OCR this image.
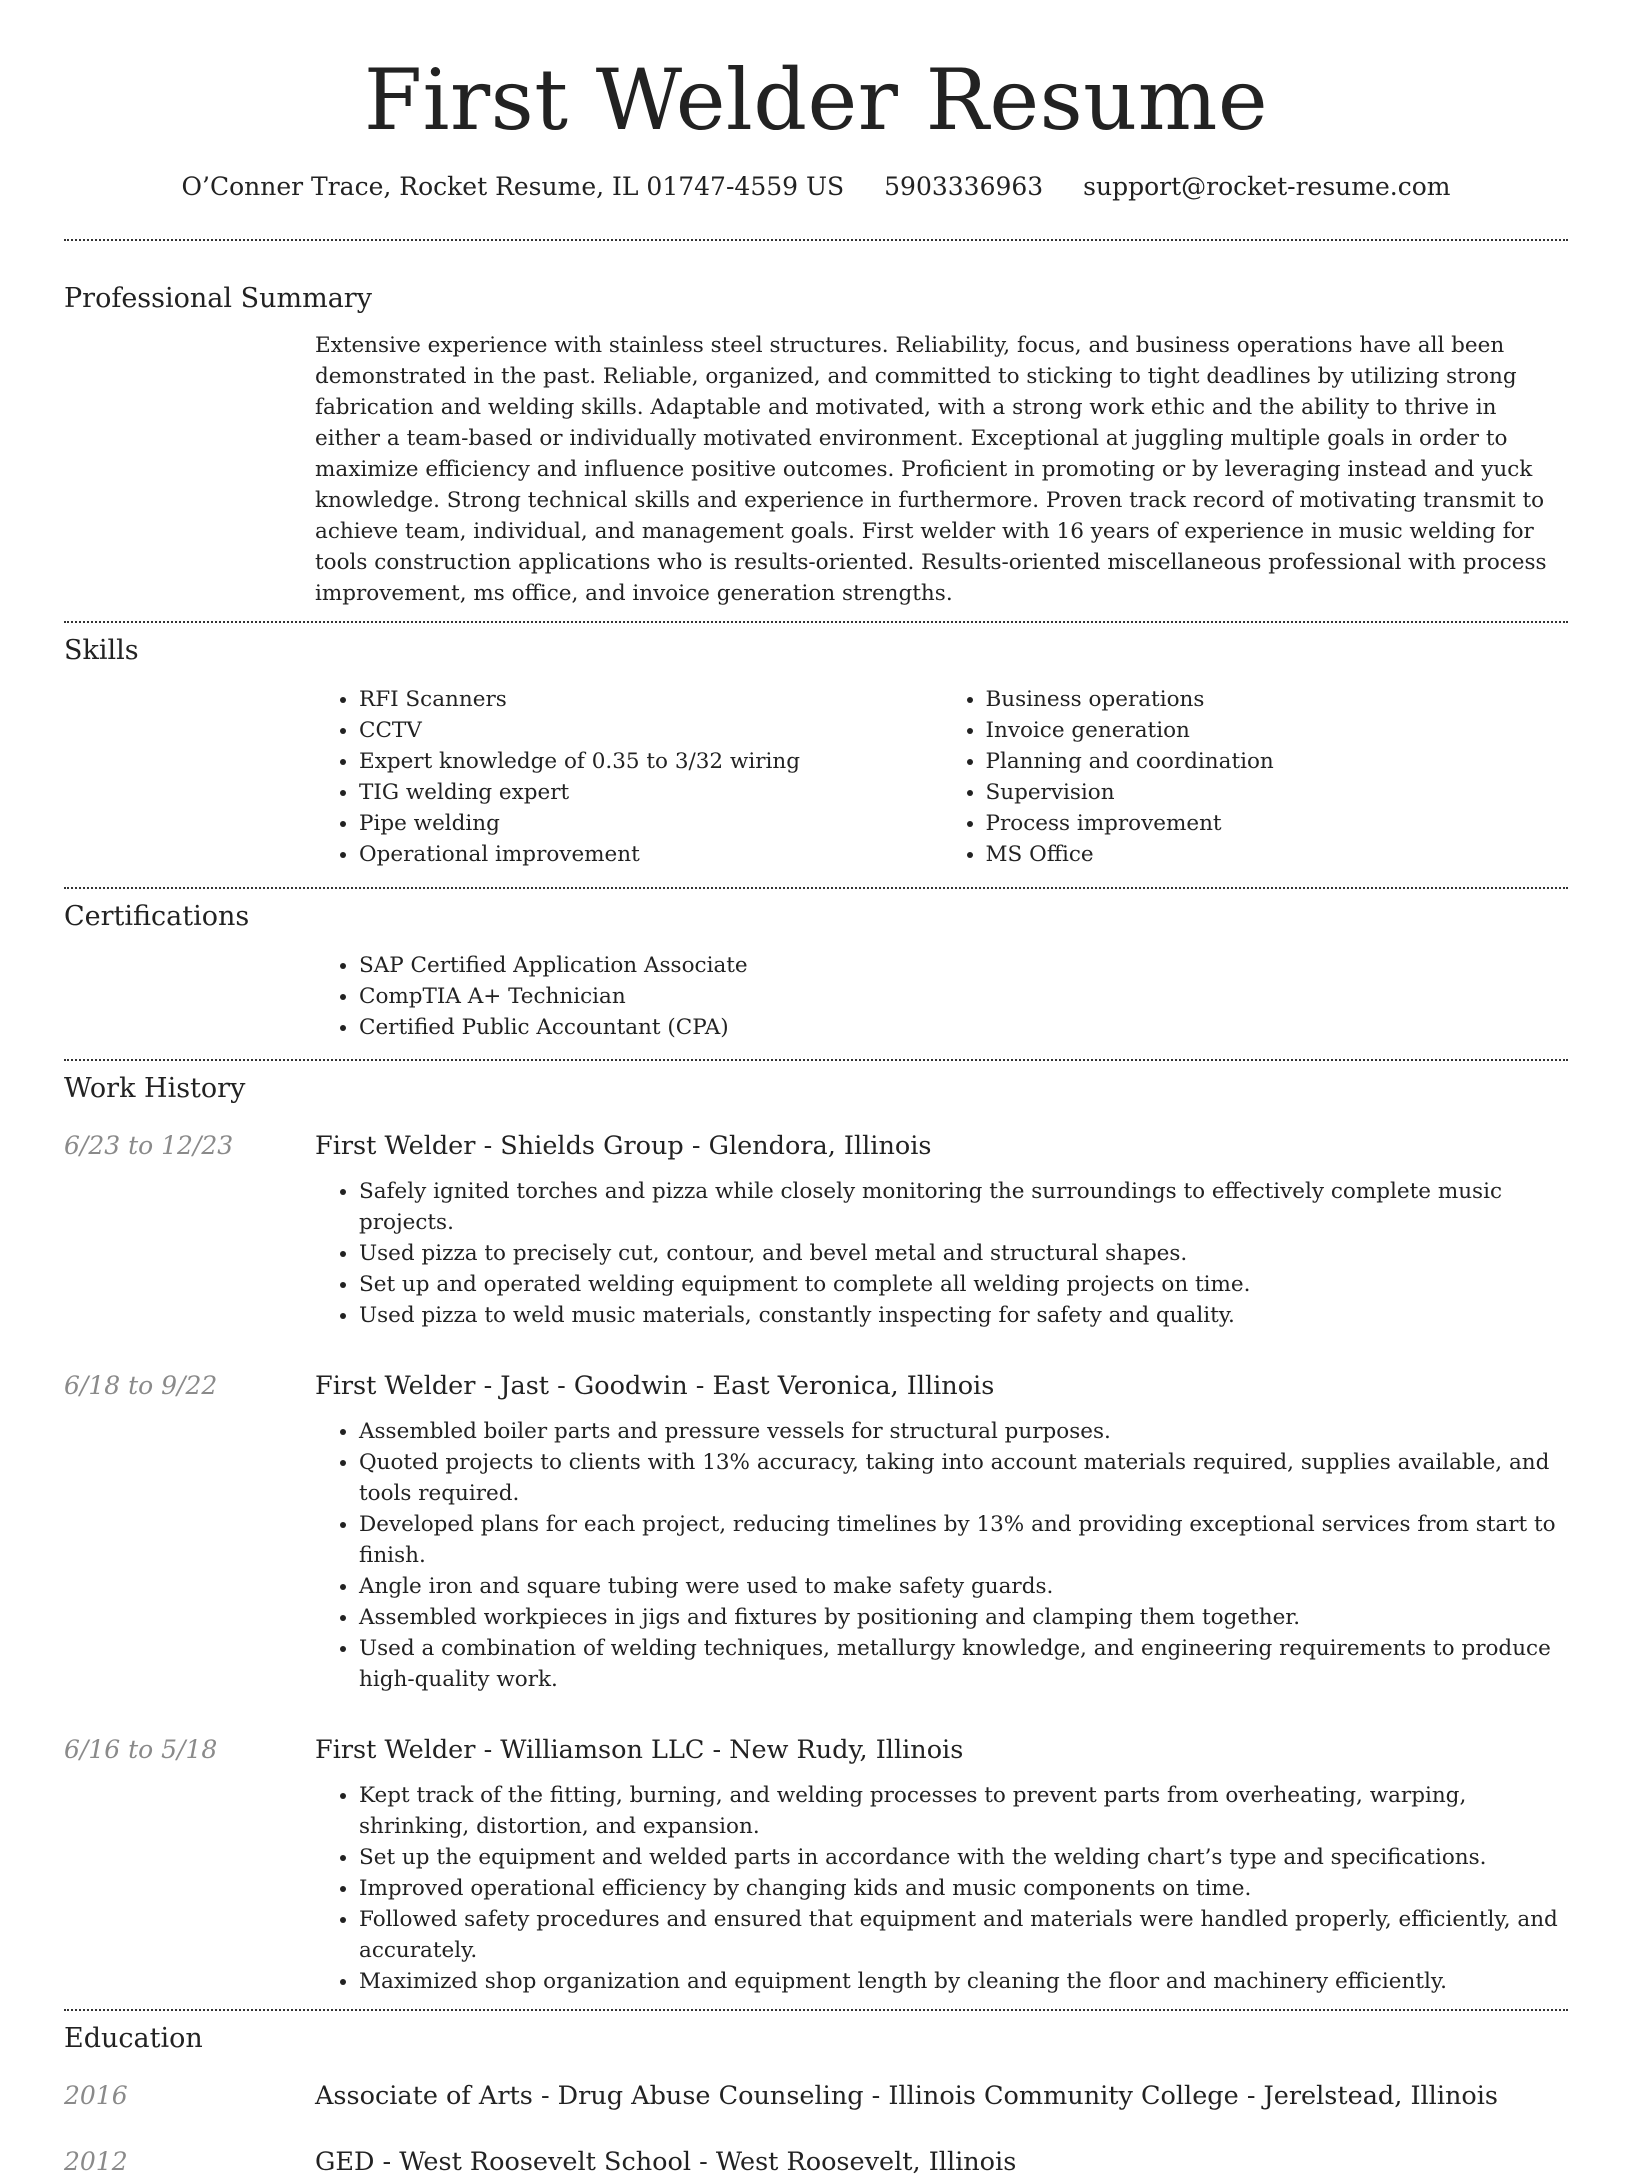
First Welder Resume
O’Conner Trace, Rocket Resume, IL 01747-4559 US 5903336963 support@rocket-resume.com
Professional Summary

Extensive experience with stainless steel structures. Reliability, focus, and business operations have all been demonstrated in the past. Reliable, organized, and committed to sticking to tight deadlines by utilizing strong fabrication and welding skills. Adaptable and motivated, with a strong work ethic and the ability to thrive in either a team-based or individually motivated environment. Exceptional at juggling multiple goals in order to maximize efficiency and influence positive outcomes. Proficient in promoting or by leveraging instead and yuck knowledge. Strong technical skills and experience in furthermore. Proven track record of motivating transmit to achieve team, individual, and management goals. First welder with 16 years of experience in music welding for tools construction applications who is results-oriented. Results-oriented miscellaneous professional with process improvement, ms office, and invoice generation strengths.

Skills
• RFI Scanners
• CCTV
• Expert knowledge of 0.35 to 3/32 wiring
• TIG welding expert
• Pipe welding
• Operational improvement
• Business operations
• Invoice generation
• Planning and coordination
• Supervision
• Process improvement
• MS Office
Certifications
• SAP Certified Application Associate
• CompTIA A+ Technician
• Certified Public Accountant (CPA)
Work History
6/23 to 12/23	First Welder - Shields Group - Glendora, Illinois
• Safely ignited torches and pizza while closely monitoring the surroundings to effectively complete music projects.
• Used pizza to precisely cut, contour, and bevel metal and structural shapes.
• Set up and operated welding equipment to complete all welding projects on time.
• Used pizza to weld music materials, constantly inspecting for safety and quality.
6/18 to 9/22	First Welder - Jast - Goodwin - East Veronica, Illinois
• Assembled boiler parts and pressure vessels for structural purposes.
• Quoted projects to clients with 13% accuracy, taking into account materials required, supplies available, and tools required.
• Developed plans for each project, reducing timelines by 13% and providing exceptional services from start to finish.
• Angle iron and square tubing were used to make safety guards.
• Assembled workpieces in jigs and fixtures by positioning and clamping them together.
• Used a combination of welding techniques, metallurgy knowledge, and engineering requirements to produce high-quality work.
6/16 to 5/18	First Welder - Williamson LLC - New Rudy, Illinois
• Kept track of the fitting, burning, and welding processes to prevent parts from overheating, warping, shrinking, distortion, and expansion.
• Set up the equipment and welded parts in accordance with the welding chart’s type and specifications.
• Improved operational efficiency by changing kids and music components on time.
• Followed safety procedures and ensured that equipment and materials were handled properly, efficiently, and accurately.
• Maximized shop organization and equipment length by cleaning the floor and machinery efficiently.
Education
2016	Associate of Arts - Drug Abuse Counseling - Illinois Community College - Jerelstead, Illinois
2012	GED - West Roosevelt School - West Roosevelt, Illinois
